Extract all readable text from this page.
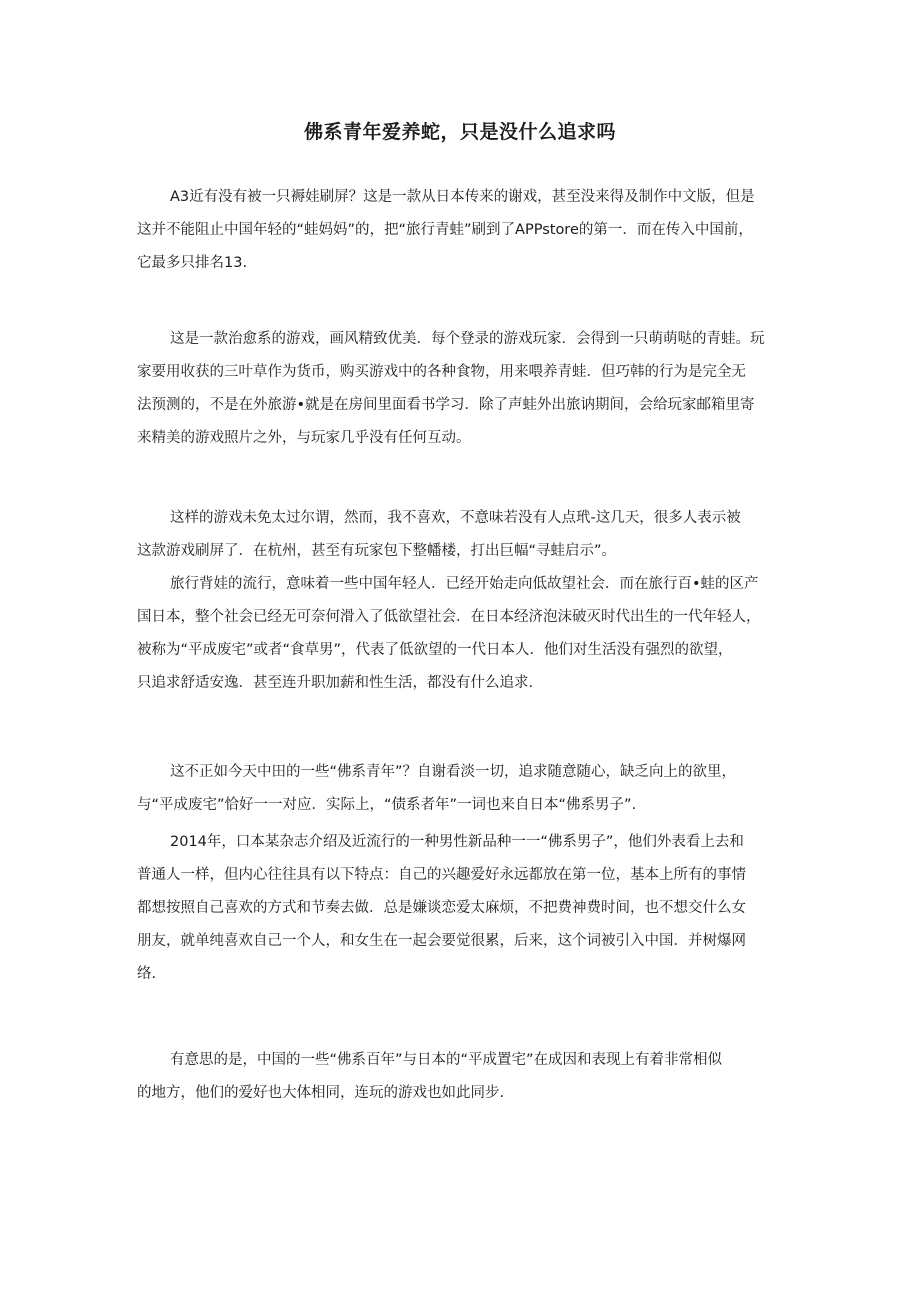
佛系青年爱养蛇，只是没什么追求吗
A3近有没有被一只褥娃刷屏？这是一款从日本传来的谢戏，甚至没来得及制作中文版，但是
这并不能阻止中国年轻的“蛙妈妈”的，把“旅行青蛙”刷到了APPstore的第一．而在传入中国前，
它最多只排名13.
这是一款治愈系的游戏，画风精致优美．每个登录的游戏玩家．会得到一只萌萌哒的青蛙。玩
家要用收获的三叶草作为货币，购买游戏中的各种食物，用来喂养青蛙．但巧韩的行为是完全无
法预测的，不是在外旅游•就是在房间里面看书学习．除了声蛙外出旅讷期间，会给玩家邮箱里寄
来精美的游戏照片之外，与玩家几乎没有任何互动。
这样的游戏未免太过尔谓，然而，我不喜欢，不意味若没有人点玳-这几天，很多人表示被
这款游戏刷屏了．在杭州，甚至有玩家包下整幡楼，打出巨幅“寻蛙启示”。
旅行背娃的流行，意味着一些中国年轻人．已经开始走向低故望社会．而在旅行百•蛙的区产
国日本，整个社会已经无可奈何滑入了低欲望社会．在日本经济泡沫破灭时代出生的一代年轻人，
被称为“平成废宅”或者“食草男”，代表了低欲望的一代日本人．他们对生活没有强烈的欲望，
只追求舒适安逸．甚至连升职加薪和性生活，都没有什么追求.
这不正如今天中田的一些“佛系青年”？自谢看淡一切，追求随意随心，缺乏向上的欲里，
与“平成废宅”恰好一一对应．实际上，“债系者年”一词也来自日本“佛系男子”.
2014年，口本某杂志介绍及近流行的一种男性新品种一一“佛系男子”，他们外表看上去和
普通人一样，但内心往往具有以下特点：自己的兴趣爱好永远都放在第一位，基本上所有的事情
都想按照自己喜欢的方式和节奏去做．总是嫌谈恋爱太麻烦，不把费神费时间，也不想交什么女
朋友，就单纯喜欢自己一个人，和女生在一起会要觉很累，后来，这个词被引入中国．并树爆网
络.
有意思的是，中国的一些“佛系百年”与日本的“平成置宅”在成因和表现上有着非常相似
的地方，他们的爱好也大体相同，连玩的游戏也如此同步.
